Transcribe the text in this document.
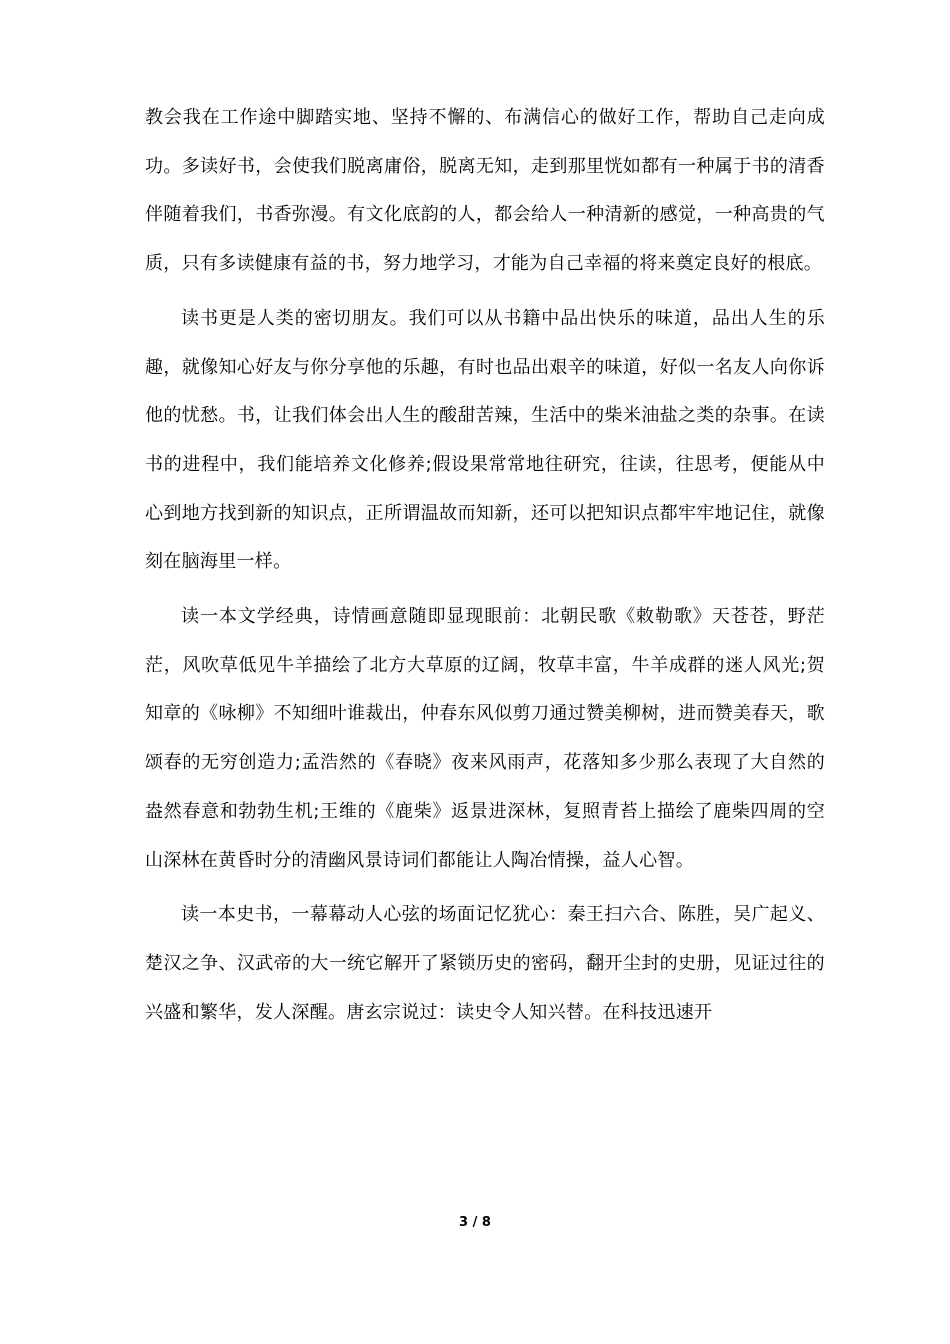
教会我在工作途中脚踏实地、坚持不懈的、布满信心的做好工作，帮助自己走向成功。多读好书，会使我们脱离庸俗，脱离无知，走到那里恍如都有一种属于书的清香伴随着我们，书香弥漫。有文化底韵的人，都会给人一种清新的感觉，一种高贵的气质，只有多读健康有益的书，努力地学习，才能为自己幸福的将来奠定良好的根底。

读书更是人类的密切朋友。我们可以从书籍中品出快乐的味道，品出人生的乐趣，就像知心好友与你分享他的乐趣，有时也品出艰辛的味道，好似一名友人向你诉他的忧愁。书，让我们体会出人生的酸甜苦辣，生活中的柴米油盐之类的杂事。在读书的进程中，我们能培养文化修养;假设果常常地往研究，往读，往思考，便能从中心到地方找到新的知识点，正所谓温故而知新，还可以把知识点都牢牢地记住，就像刻在脑海里一样。

读一本文学经典，诗情画意随即显现眼前：北朝民歌《敕勒歌》天苍苍，野茫茫，风吹草低见牛羊描绘了北方大草原的辽阔，牧草丰富，牛羊成群的迷人风光;贺知章的《咏柳》不知细叶谁裁出，仲春东风似剪刀通过赞美柳树，进而赞美春天，歌颂春的无穷创造力;孟浩然的《春晓》夜来风雨声，花落知多少那么表现了大自然的盎然春意和勃勃生机;王维的《鹿柴》返景进深林，复照青苔上描绘了鹿柴四周的空山深林在黄昏时分的清幽风景诗词们都能让人陶冶情操，益人心智。

读一本史书，一幕幕动人心弦的场面记忆犹心：秦王扫六合、陈胜，吴广起义、楚汉之争、汉武帝的大一统它解开了紧锁历史的密码，翻开尘封的史册，见证过往的兴盛和繁华，发人深醒。唐玄宗说过：读史令人知兴替。在科技迅速开

3 / 8
